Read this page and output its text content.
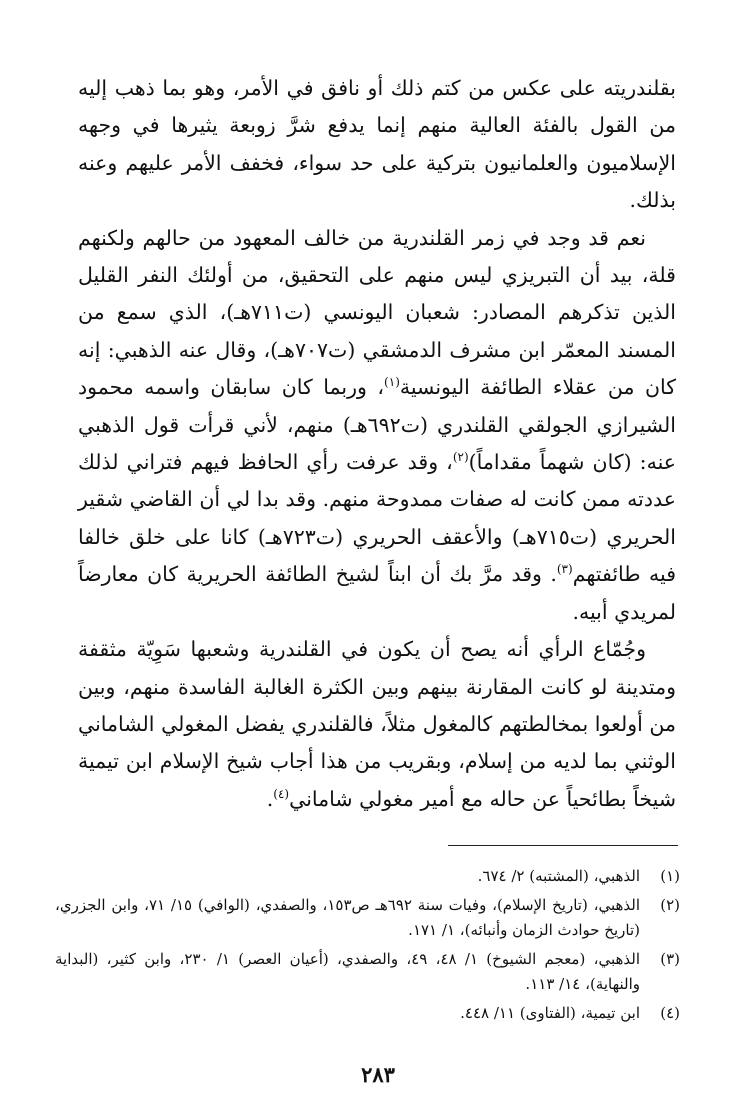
بقلندريته على عكس من كتم ذلك أو نافق في الأمر، وهو بما ذهب إليه من القول بالفئة العالية منهم إنما يدفع شرَّ زوبعة يثيرها في وجهه الإسلاميون والعلمانيون بتركية على حد سواء، فخفف الأمر عليهم وعنه بذلك.

نعم قد وجد في زمر القلندرية من خالف المعهود من حالهم ولكنهم قلة، بيد أن التبريزي ليس منهم على التحقيق، من أولئك النفر القليل الذين تذكرهم المصادر: شعبان اليونسي (ت٧١١هـ)، الذي سمع من المسند المعمّر ابن مشرف الدمشقي (ت٧٠٧هـ)، وقال عنه الذهبي: إنه كان من عقلاء الطائفة اليونسية$^{(١)}$، وربما كان سابقان واسمه محمود الشيرازي الجولقي القلندري (ت٦٩٢هـ) منهم، لأني قرأت قول الذهبي عنه: (كان شهماً مقداماً)$^{(٢)}$، وقد عرفت رأي الحافظ فيهم فتراني لذلك عددته ممن كانت له صفات ممدوحة منهم. وقد بدا لي أن القاضي شقير الحريري (ت٧١٥هـ) والأعقف الحريري (ت٧٢٣هـ) كانا على خلق خالفا فيه طائفتهم$^{(٣)}$. وقد مرَّ بك أن ابناً لشيخ الطائفة الحريرية كان معارضاً لمريدي أبيه.

وجُمّاع الرأي أنه يصح أن يكون في القلندرية وشعبها سَوِيّة مثقفة ومتدينة لو كانت المقارنة بينهم وبين الكثرة الغالبة الفاسدة منهم، وبين من أولعوا بمخالطتهم كالمغول مثلاً، فالقلندري يفضل المغولي الشاماني الوثني بما لديه من إسلام، وبقريب من هذا أجاب شيخ الإسلام ابن تيمية شيخاً بطائحياً عن حاله مع أمير مغولي شاماني$^{(٤)}$.

(١)
الذهبي، (المشتبه) ٢/ ٦٧٤.
(٢)
الذهبي، (تاريخ الإسلام)، وفيات سنة ٦٩٢هـ ص١٥٣، والصفدي، (الوافي) ١٥/ ٧١، وابن الجزري، (تاريخ حوادث الزمان وأنبائه)، ١/ ١٧١.
(٣)
الذهبي، (معجم الشيوخ) ١/ ٤٨، ٤٩، والصفدي، (أعيان العصر) ١/ ٢٣٠، وابن كثير، (البداية والنهاية)، ١٤/ ١١٣.
(٤)
ابن تيمية، (الفتاوى) ١١/ ٤٤٨.
٢٨٣
